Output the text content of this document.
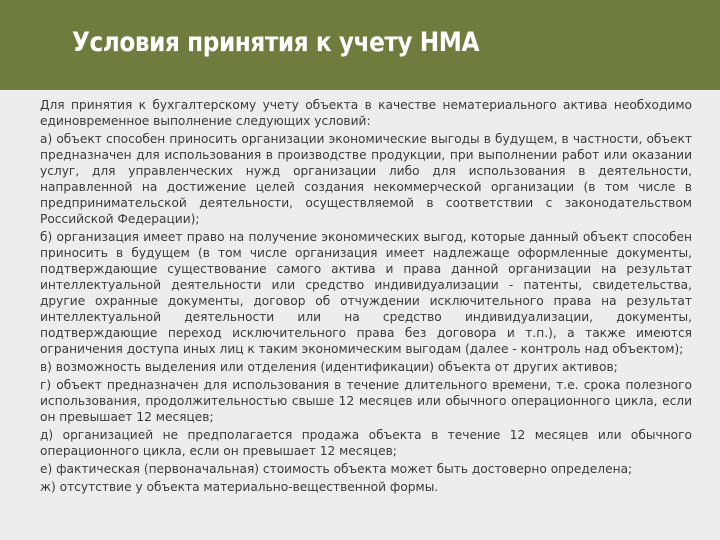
Условия принятия к учету НМА

Для принятия к бухгалтерскому учету объекта в качестве нематериального актива необходимо единовременное выполнение следующих условий:

а) объект способен приносить организации экономические выгоды в будущем, в частности, объект предназначен для использования в производстве продукции, при выполнении работ или оказании услуг, для управленческих нужд организации либо для использования в деятельности, направленной на достижение целей создания некоммерческой организации (в том числе в предпринимательской деятельности, осуществляемой в соответствии с законодательством Российской Федерации);

б) организация имеет право на получение экономических выгод, которые данный объект способен приносить в будущем (в том числе организация имеет надлежаще оформленные документы, подтверждающие существование самого актива и права данной организации на результат интеллектуальной деятельности или средство индивидуализации - патенты, свидетельства, другие охранные документы, договор об отчуждении исключительного права на результат интеллектуальной деятельности или на средство индивидуализации, документы, подтверждающие переход исключительного права без договора и т.п.), а также имеются ограничения доступа иных лиц к таким экономическим выгодам (далее - контроль над объектом);

в) возможность выделения или отделения (идентификации) объекта от других активов;

г) объект предназначен для использования в течение длительного времени, т.е. срока полезного использования, продолжительностью свыше 12 месяцев или обычного операционного цикла, если он превышает 12 месяцев;

д) организацией не предполагается продажа объекта в течение 12 месяцев или обычного операционного цикла, если он превышает 12 месяцев;

е) фактическая (первоначальная) стоимость объекта может быть достоверно определена;

ж) отсутствие у объекта материально-вещественной формы.
